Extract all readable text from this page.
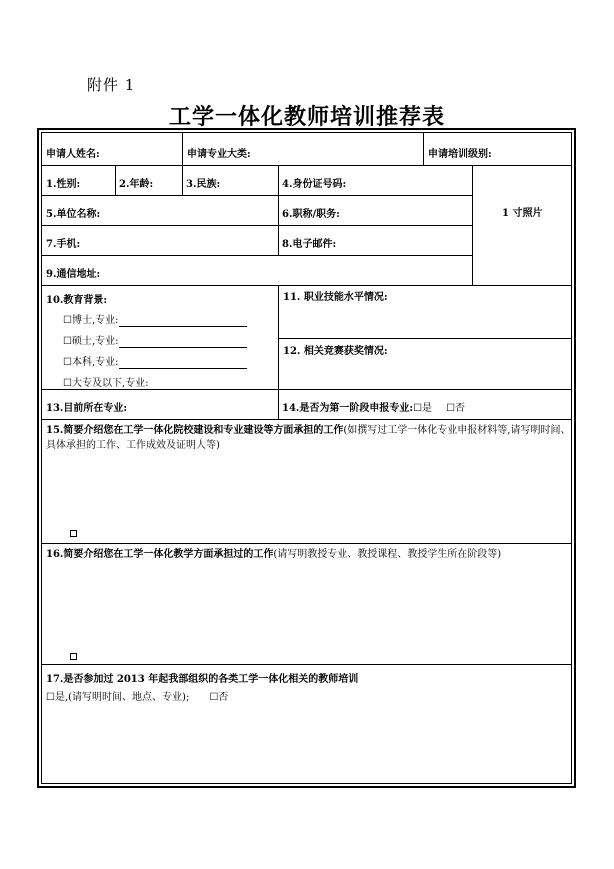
附件 1
工学一体化教师培训推荐表
申请人姓名:	申请专业大类:	申请培训级别:
1.性别:	2.年龄:	3.民族:	4.身份证号码:
1 寸照片
5.单位名称:	6.职称/职务:
7.手机:	8.电子邮件:
9.通信地址:
10.教育背景:
☐博士,专业:
☐硕士,专业:
☐本科,专业:
☐大专及以下,专业:
11. 职业技能水平情况:
12. 相关竞赛获奖情况:
13.目前所在专业:	14.是否为第一阶段申报专业:☐是 ☐否
15.简要介绍您在工学一体化院校建设和专业建设等方面承担的工作(如撰写过工学一体化专业申报材料等,请写明时间、具体承担的工作、工作成效及证明人等)
16.简要介绍您在工学一体化教学方面承担过的工作(请写明教授专业、教授课程、教授学生所在阶段等)
17.是否参加过 2013 年起我部组织的各类工学一体化相关的教师培训
☐是,(请写明时间、地点、专业); ☐否
